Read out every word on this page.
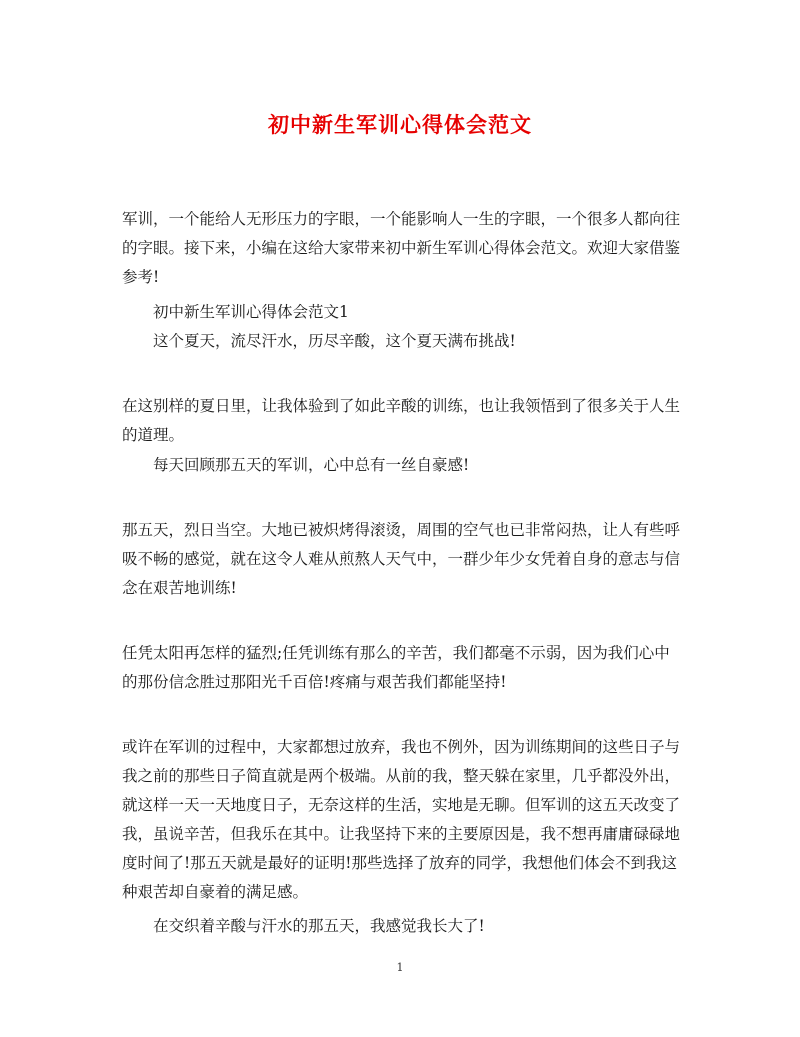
初中新生军训心得体会范文

军训，一个能给人无形压力的字眼，一个能影响人一生的字眼，一个很多人都向往的字眼。接下来，小编在这给大家带来初中新生军训心得体会范文。欢迎大家借鉴参考!

初中新生军训心得体会范文1

这个夏天，流尽汗水，历尽辛酸，这个夏天满布挑战!

在这别样的夏日里，让我体验到了如此辛酸的训练，也让我领悟到了很多关于人生的道理。

每天回顾那五天的军训，心中总有一丝自豪感!

那五天，烈日当空。大地已被炽烤得滚烫，周围的空气也已非常闷热，让人有些呼吸不畅的感觉，就在这令人难从煎熬人天气中，一群少年少女凭着自身的意志与信念在艰苦地训练!

任凭太阳再怎样的猛烈;任凭训练有那么的辛苦，我们都毫不示弱，因为我们心中的那份信念胜过那阳光千百倍!疼痛与艰苦我们都能坚持!

或许在军训的过程中，大家都想过放弃，我也不例外，因为训练期间的这些日子与我之前的那些日子简直就是两个极端。从前的我，整天躲在家里，几乎都没外出，就这样一天一天地度日子，无奈这样的生活，实地是无聊。但军训的这五天改变了我，虽说辛苦，但我乐在其中。让我坚持下来的主要原因是，我不想再庸庸碌碌地度时间了!那五天就是最好的证明!那些选择了放弃的同学，我想他们体会不到我这种艰苦却自豪着的满足感。

在交织着辛酸与汗水的那五天，我感觉我长大了!

1
